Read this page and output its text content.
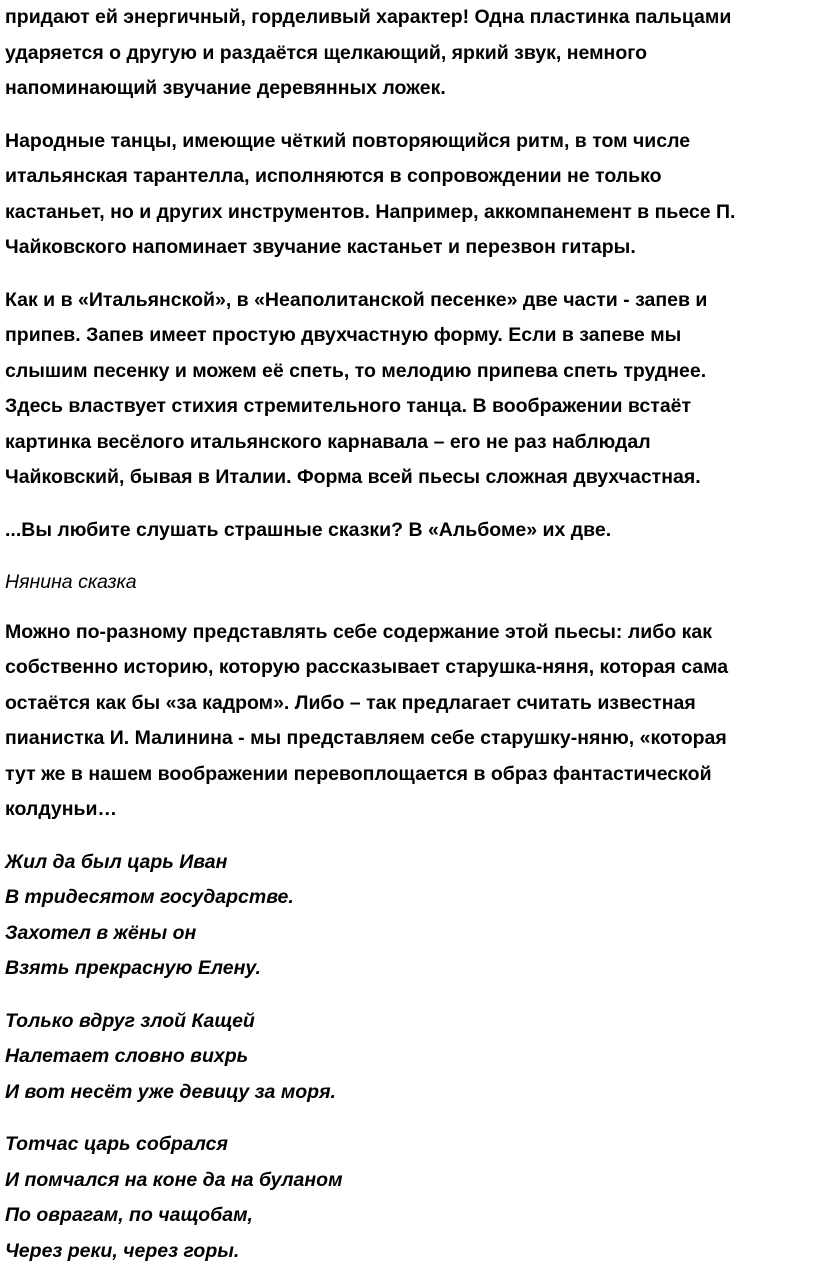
придают ей энергичный, горделивый характер! Одна пластинка пальцами
ударяется о другую и раздаётся щелкающий, яркий звук, немного
напоминающий звучание деревянных ложек.
Народные танцы, имеющие чёткий повторяющийся ритм, в том числе
итальянская тарантелла, исполняются в сопровождении не только
кастаньет, но и других инструментов. Например, аккомпанемент в пьесе П.
Чайковского напоминает звучание кастаньет и перезвон гитары.
Как и в «Итальянской», в «Неаполитанской песенке» две части - запев и
припев. Запев имеет простую двухчастную форму. Если в запеве мы
слышим песенку и можем её спеть, то мелодию припева спеть труднее.
Здесь властвует стихия стремительного танца. В воображении встаёт
картинка весёлого итальянского карнавала – его не раз наблюдал
Чайковский, бывая в Италии. Форма всей пьесы сложная двухчастная.
...Вы любите слушать страшные сказки? В «Альбоме» их две.
Нянина сказка
Можно по-разному представлять себе содержание этой пьесы: либо как
собственно историю, которую рассказывает старушка-няня, которая сама
остаётся как бы «за кадром». Либо – так предлагает считать известная
пианистка И. Малинина - мы представляем себе старушку-няню, «которая
тут же в нашем воображении перевоплощается в образ фантастической
колдуньи…
Жил да был царь Иван
В тридесятом государстве.
Захотел в жёны он
Взять прекрасную Елену.
Только вдруг злой Кащей
Налетает словно вихрь
И вот несёт уже девицу за моря.
Тотчас царь собрался
И помчался на коне да на буланом
По оврагам, по чащобам,
Через реки, через горы.
